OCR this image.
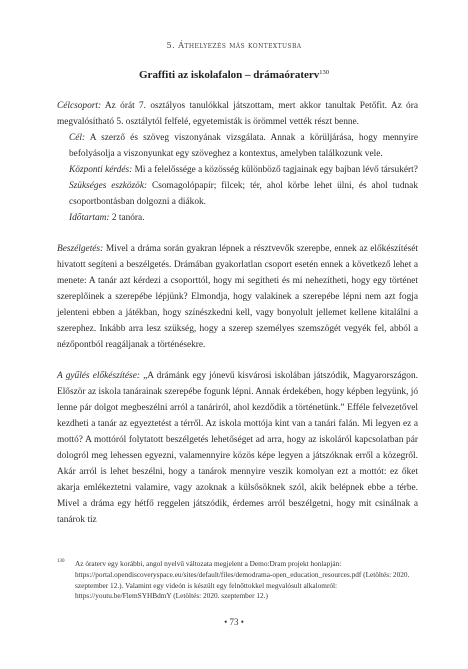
5. Áthelyezés más kontextusba
Graffiti az iskolafalon – drámaóraterv$^{130}$

Célcsoport: Az órát 7. osztályos tanulókkal játszottam, mert akkor tanultak Petőfit. Az óra megvalósítható 5. osztálytól felfelé, egyetemisták is örömmel vették részt benne.

Cél: A szerző és szöveg viszonyának vizsgálata. Annak a körüljárása, hogy mennyire befolyásolja a viszonyunkat egy szöveghez a kontextus, amelyben találkozunk vele.

Központi kérdés: Mi a felelőssége a közösség különböző tagjainak egy bajban lévő társukért?

Szükséges eszközök: Csomagolópapír; filcek; tér, ahol körbe lehet ülni, és ahol tudnak csoportbontásban dolgozni a diákok.

Időtartam: 2 tanóra.

Beszélgetés: Mivel a dráma során gyakran lépnek a résztvevők szerepbe, ennek az előkészítését hivatott segíteni a beszélgetés. Drámában gyakorlatlan csoport esetén ennek a következő lehet a menete: A tanár azt kérdezi a csoporttól, hogy mi segítheti és mi nehezítheti, hogy egy történet szereplőinek a szerepébe lépjünk? Elmondja, hogy valakinek a szerepébe lépni nem azt fogja jelenteni ebben a játékban, hogy színészkedni kell, vagy bonyolult jellemet kellene kitalálni a szerephez. Inkább arra lesz szükség, hogy a szerep személyes szemszögét vegyék fel, abból a nézőpontból reagáljanak a történésekre.

A gyűlés előkészítése: „A drámánk egy jónevű kisvárosi iskolában játszódik, Magyarországon. Először az iskola tanárainak szerepébe fogunk lépni. Annak érdekében, hogy képben legyünk, jó lenne pár dolgot megbeszélni arról a tanáriról, ahol kezdődik a történetünk.” Efféle felvezetővel kezdheti a tanár az egyeztetést a térről. Az iskola mottója kint van a tanári falán. Mi legyen ez a mottó? A mottóról folytatott beszélgetés lehetőséget ad arra, hogy az iskoláról kapcsolatban pár dologról meg lehessen egyezni, valamennyire közös képe legyen a játszóknak erről a közegről. Akár arról is lehet beszélni, hogy a tanárok mennyire veszik komolyan ezt a mottót: ez őket akarja emlékeztetni valamire, vagy azoknak a külsősöknek szól, akik belépnek ebbe a térbe. Mivel a dráma egy hétfő reggelen játszódik, érdemes arról beszélgetni, hogy mit csinálnak a tanárok tíz

130	Az óraterv egy korábbi, angol nyelvű változata megjelent a Demo:Dram projekt honlapján: https://portal.opendiscoveryspace.eu/sites/default/files/demodrama-open_education_resources.pdf (Letöltés: 2020. szeptember 12.). Valamint egy videón is készült egy felnőttokkel megvalósult alkalomról: https://youtu.be/FlemSYHBdmY (Letöltés: 2020. szeptember 12.)
• 73 •
